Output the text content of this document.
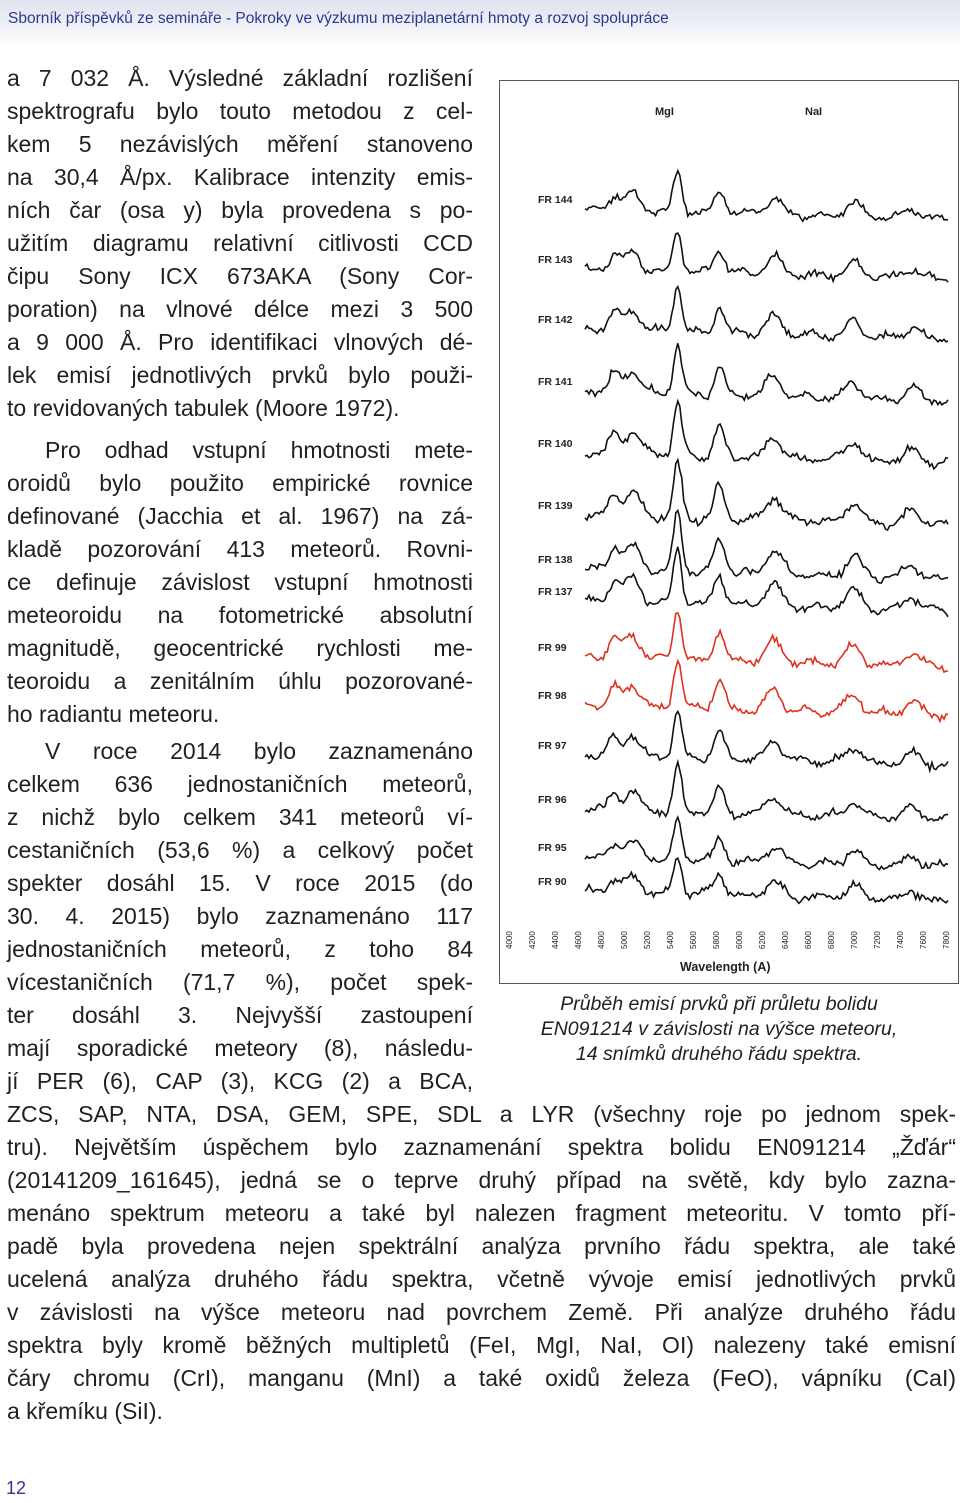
Sborník příspěvků ze semináře - Pokroky ve výzkumu meziplanetární hmoty a rozvoj spolupráce
a 7 032 Å. Výsledné základní rozlišení
spektrografu bylo touto metodou z cel-
kem 5 nezávislých měření stanoveno
na 30,4 Å/px. Kalibrace intenzity emis-
ních čar (osa y) byla provedena s po-
užitím diagramu relativní citlivosti CCD
čipu Sony ICX 673AKA (Sony Cor-
poration) na vlnové délce mezi 3 500
a 9 000 Å. Pro identifikaci vlnových dé-
lek emisí jednotlivých prvků bylo použi-
to revidovaných tabulek (Moore 1972).
Pro odhad vstupní hmotnosti mete-
oroidů bylo použito empirické rovnice
definované (Jacchia et al. 1967) na zá-
kladě pozorování 413 meteorů. Rovni-
ce definuje závislost vstupní hmotnosti
meteoroidu na fotometrické absolutní
magnitudě, geocentrické rychlosti me-
teoroidu a zenitálním úhlu pozorované-
ho radiantu meteoru.
V roce 2014 bylo zaznamenáno
celkem 636 jednostaničních meteorů,
z nichž bylo celkem 341 meteorů ví-
cestaničních (53,6 %) a celkový počet
spekter dosáhl 15. V roce 2015 (do
30. 4. 2015) bylo zaznamenáno 117
jednostaničních meteorů, z toho 84
vícestaničních (71,7 %), počet spek-
ter dosáhl 3. Nejvyšší zastoupení
mají sporadické meteory (8), následu-
jí PER (6), CAP (3), KCG (2) a BCA,
ZCS, SAP, NTA, DSA, GEM, SPE, SDL a LYR (všechny roje po jednom spek-
tru). Největším úspěchem bylo zaznamenání spektra bolidu EN091214 „Žďár“
(20141209_161645), jedná se o teprve druhý případ na světě, kdy bylo zazna-
menáno spektrum meteoru a také byl nalezen fragment meteoritu. V tomto pří-
padě byla provedena nejen spektrální analýza prvního řádu spektra, ale také
ucelená analýza druhého řádu spektra, včetně vývoje emisí jednotlivých prvků
v závislosti na výšce meteoru nad povrchem Země. Při analýze druhého řádu
spektra byly kromě běžných multipletů (FeI, MgI, NaI, OI) nalezeny také emisní
čáry chromu (CrI), manganu (MnI) a také oxidů železa (FeO), vápníku (CaI)
a křemíku (SiI).
MgI	NaI
FR 144
FR 143
FR 142
FR 141
FR 140
FR 139
FR 138
FR 137
FR 99
FR 98
FR 97
FR 96
FR 95
FR 90
4000 4200 4400 4600 4800 5000 5200 5400 5600 5800 6000 6200 6400 6600 6800 7000 7200 7400 7600 7800
Wavelength (A)
Průběh emisí prvků při průletu bolidu
EN091214 v závislosti na výšce meteoru,
14 snímků druhého řádu spektra.
12
